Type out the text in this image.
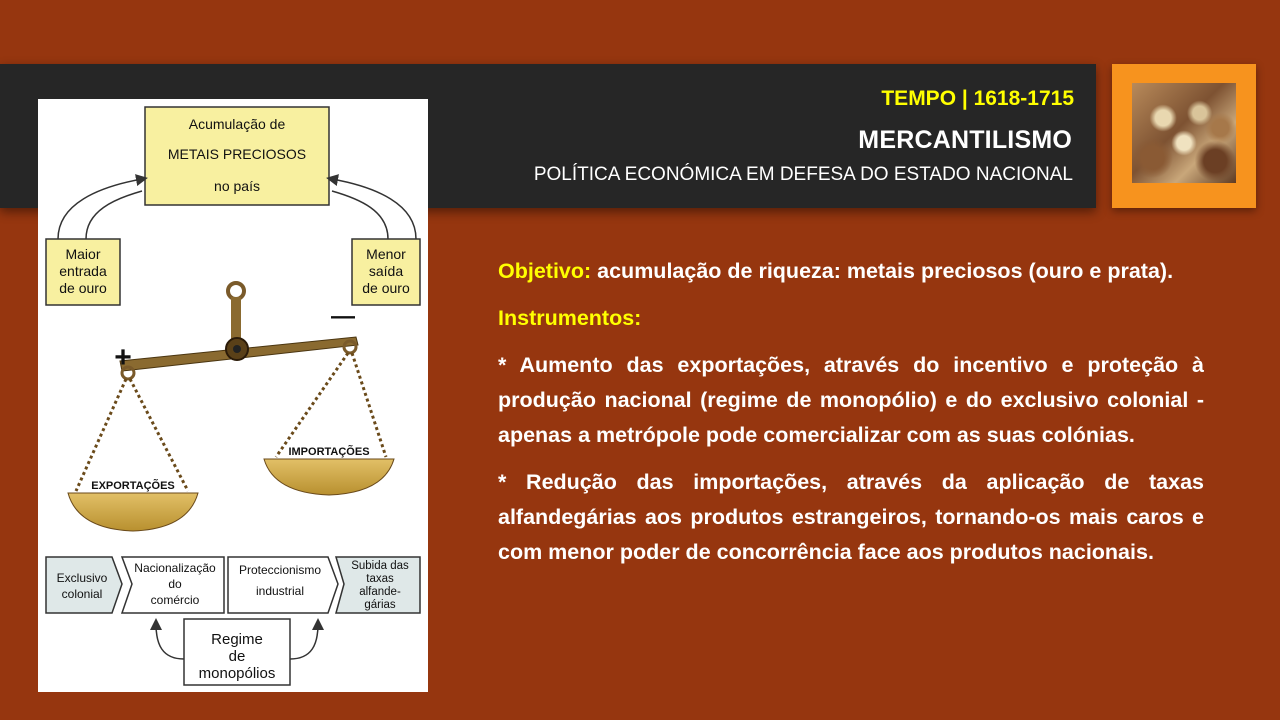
TEMPO | 1618-1715
MERCANTILISMO
POLÍTICA ECONÓMICA EM DEFESA DO ESTADO NACIONAL
Acumulação de
METAIS PRECIOSOS
no país
Maior
entrada
de ouro
Menor
saída
de ouro
+
—
EXPORTAÇÕES
IMPORTAÇÕES
Exclusivo
colonial
Nacionalização
do
comércio
Proteccionismo
industrial
Subida das
taxas
alfande-
gárias
Regime
de
monopólios

Objetivo: acumulação de riqueza: metais preciosos (ouro e prata).

Instrumentos:

* Aumento das exportações, através do incentivo e proteção à produção nacional (regime de monopólio) e do exclusivo colonial - apenas a metrópole pode comercializar com as suas colónias.

* Redução das importações, através da aplicação de taxas alfandegárias aos produtos estrangeiros, tornando-os mais caros e com menor poder de concorrência face aos produtos nacionais.
